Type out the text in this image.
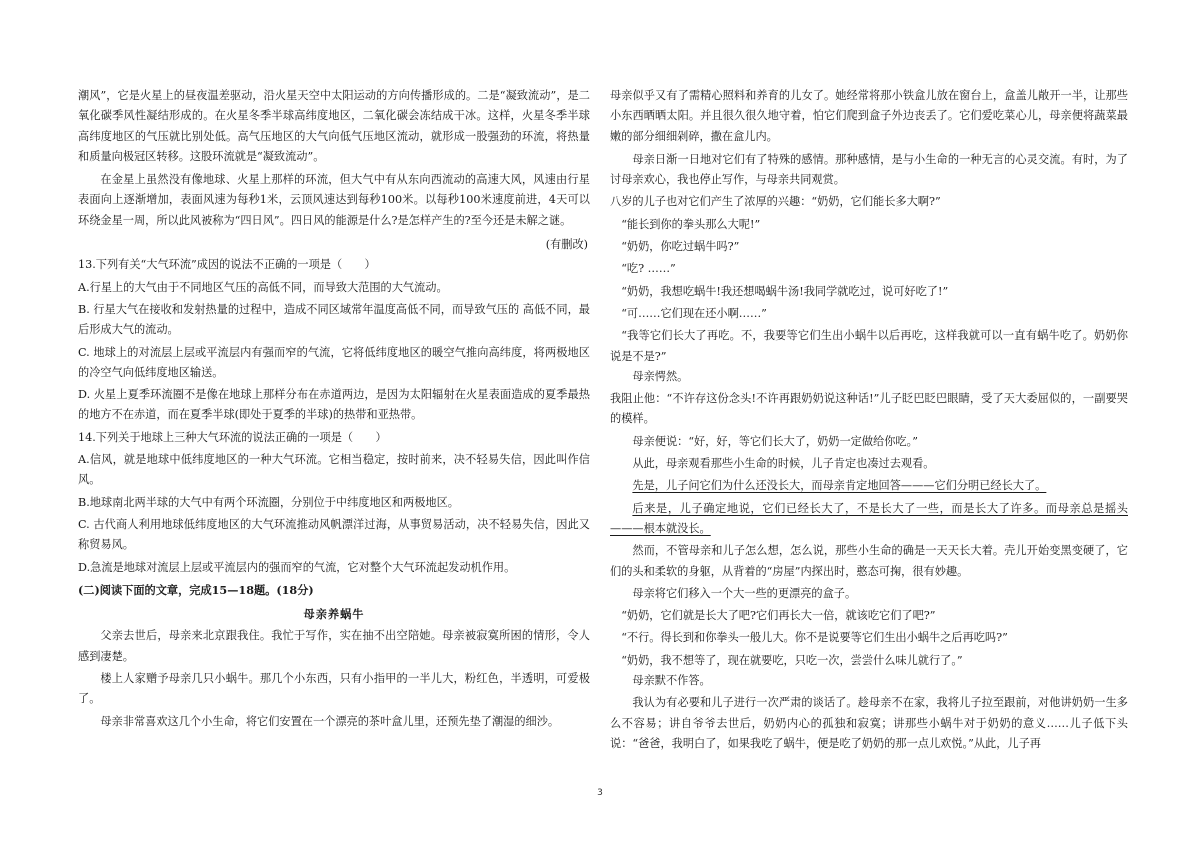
潮风”，它是火星上的昼夜温差驱动，沿火星天空中太阳运动的方向传播形成的。二是“凝致流动”，是二氧化碳季风性凝结形成的。在火星冬季半球高纬度地区，二氧化碳会冻结成干冰。这样，火星冬季半球高纬度地区的气压就比别处低。高气压地区的大气向低气压地区流动，就形成一股强劲的环流，将热量和质量向极冠区转移。这股环流就是“凝致流动”。

在金星上虽然没有像地球、火星上那样的环流，但大气中有从东向西流动的高速大风，风速由行星表面向上逐渐增加，表面风速为每秒1米，云顶风速达到每秒100米。以每秒100米速度前进，4天可以环绕金星一周，所以此风被称为“四日风”。四日风的能源是什么?是怎样产生的?至今还是未解之谜。

(有删改)

13.下列有关“大气环流”成因的说法不正确的一项是（　　）

A.行星上的大气由于不同地区气压的高低不同，而导致大范围的大气流动。

B. 行星大气在接收和发射热量的过程中，造成不同区域常年温度高低不同，而导致气压的 高低不同，最后形成大气的流动。

C. 地球上的对流层上层或平流层内有强而窄的气流，它将低纬度地区的暖空气推向高纬度，将两极地区的冷空气向低纬度地区输送。

D. 火星上夏季环流圈不是像在地球上那样分布在赤道两边，是因为太阳辐射在火星表面造成的夏季最热的地方不在赤道，而在夏季半球(即处于夏季的半球)的热带和亚热带。

14.下列关于地球上三种大气环流的说法正确的一项是（　　）

A.信风，就是地球中低纬度地区的一种大气环流。它相当稳定，按时前来，决不轻易失信，因此叫作信风。

B.地球南北两半球的大气中有两个环流圈，分别位于中纬度地区和两极地区。

C. 古代商人利用地球低纬度地区的大气环流推动风帆漂洋过海，从事贸易活动，决不轻易失信，因此又称贸易风。

D.急流是地球对流层上层或平流层内的强而窄的气流，它对整个大气环流起发动机作用。

(二)阅读下面的文章，完成15—18题。(18分)

母亲养蜗牛

父亲去世后，母亲来北京跟我住。我忙于写作，实在抽不出空陪她。母亲被寂寞所困的情形，令人感到凄楚。

楼上人家赠予母亲几只小蜗牛。那几个小东西，只有小指甲的一半儿大，粉红色，半透明，可爱极了。

母亲非常喜欢这几个小生命，将它们安置在一个漂亮的茶叶盒儿里，还预先垫了潮湿的细沙。

母亲似乎又有了需精心照料和养育的儿女了。她经常将那小铁盒儿放在窗台上，盒盖儿敞开一半，让那些小东西晒晒太阳。并且很久很久地守着，怕它们爬到盒子外边丧丢了。它们爱吃菜心儿，母亲便将蔬菜最嫩的部分细细剁碎，撒在盒儿内。

母亲日渐一日地对它们有了特殊的感情。那种感情，是与小生命的一种无言的心灵交流。有时，为了讨母亲欢心，我也停止写作，与母亲共同观赏。

八岁的儿子也对它们产生了浓厚的兴趣：“奶奶，它们能长多大啊?”

“能长到你的拳头那么大呢!”

“奶奶，你吃过蜗牛吗?”

“吃? ……”

“奶奶，我想吃蜗牛!我还想喝蜗牛汤!我同学就吃过，说可好吃了!”

“可……它们现在还小啊……”

“我等它们长大了再吃。不，我要等它们生出小蜗牛以后再吃，这样我就可以一直有蜗牛吃了。奶奶你说是不是?”

母亲愕然。

我阻止他：“不许存这份念头!不许再跟奶奶说这种话!”儿子眨巴眨巴眼睛，受了天大委屈似的，一副要哭的模样。

母亲便说：“好，好，等它们长大了，奶奶一定做给你吃。”

从此，母亲观看那些小生命的时候，儿子肯定也凑过去观看。

先是，儿子问它们为什么还没长大，而母亲肯定地回答———它们分明已经长大了。

后来是，儿子确定地说，它们已经长大了，不是长大了一些，而是长大了许多。而母亲总是摇头———根本就没长。

然而，不管母亲和儿子怎么想，怎么说，那些小生命的确是一天天长大着。壳儿开始变黑变硬了，它们的头和柔软的身躯，从背着的“房屋”内探出时，憨态可掬，很有妙趣。

母亲将它们移入一个大一些的更漂亮的盒子。

“奶奶，它们就是长大了吧?它们再长大一倍，就该吃它们了吧?”

“不行。得长到和你拳头一般儿大。你不是说要等它们生出小蜗牛之后再吃吗?”

“奶奶，我不想等了，现在就要吃，只吃一次，尝尝什么味儿就行了。”

母亲默不作答。

我认为有必要和儿子进行一次严肃的谈话了。趁母亲不在家，我将儿子拉至跟前，对他讲奶奶一生多么不容易；讲自爷爷去世后，奶奶内心的孤独和寂寞；讲那些小蜗牛对于奶奶的意义……儿子低下头说：“爸爸，我明白了，如果我吃了蜗牛，便是吃了奶奶的那一点儿欢悦。”从此，儿子再

3
